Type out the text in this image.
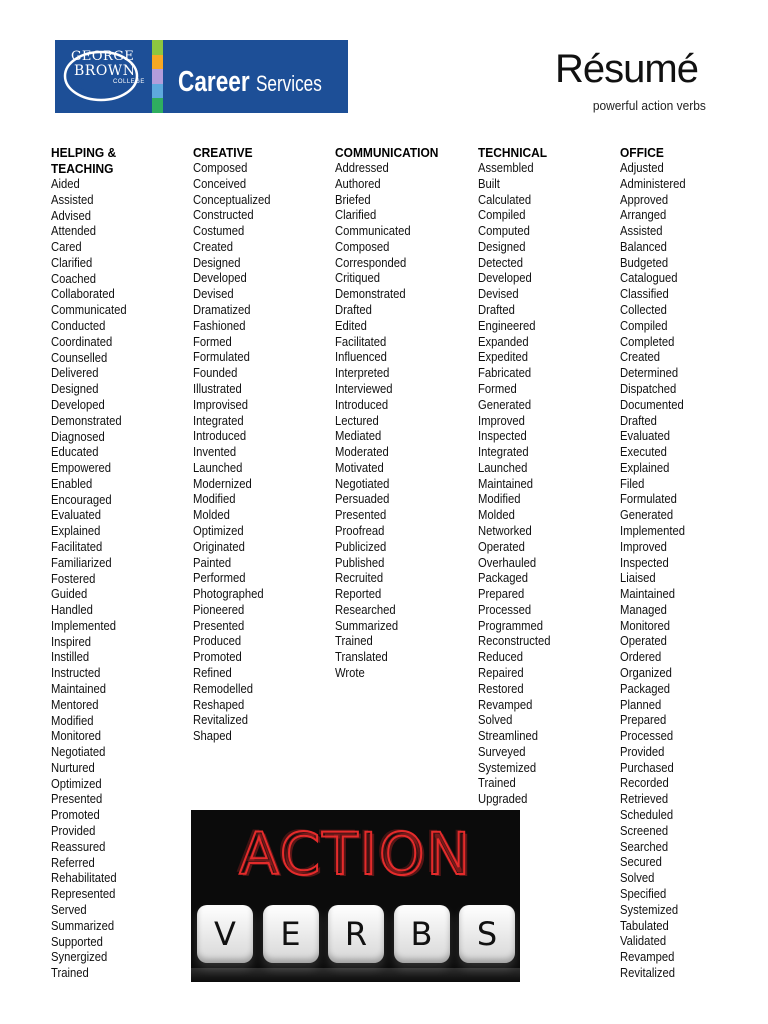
GEORGE
BROWN
COLLEGE Career Services	Résumé
powerful action verbs
HELPING &
TEACHING
Aided
Assisted
Advised
Attended
Cared
Clarified
Coached
Collaborated
Communicated
Conducted
Coordinated
Counselled
Delivered
Designed
Developed
Demonstrated
Diagnosed
Educated
Empowered
Enabled
Encouraged
Evaluated
Explained
Facilitated
Familiarized
Fostered
Guided
Handled
Implemented
Inspired
Instilled
Instructed
Maintained
Mentored
Modified
Monitored
Negotiated
Nurtured
Optimized
Presented
Promoted
Provided
Reassured
Referred
Rehabilitated
Represented
Served
Summarized
Supported
Synergized
Trained
CREATIVE
Composed
Conceived
Conceptualized
Constructed
Costumed
Created
Designed
Developed
Devised
Dramatized
Fashioned
Formed
Formulated
Founded
Illustrated
Improvised
Integrated
Introduced
Invented
Launched
Modernized
Modified
Molded
Optimized
Originated
Painted
Performed
Photographed
Pioneered
Presented
Produced
Promoted
Refined
Remodelled
Reshaped
Revitalized
Shaped
COMMUNICATION
Addressed
Authored
Briefed
Clarified
Communicated
Composed
Corresponded
Critiqued
Demonstrated
Drafted
Edited
Facilitated
Influenced
Interpreted
Interviewed
Introduced
Lectured
Mediated
Moderated
Motivated
Negotiated
Persuaded
Presented
Proofread
Publicized
Published
Recruited
Reported
Researched
Summarized
Trained
Translated
Wrote
TECHNICAL
Assembled
Built
Calculated
Compiled
Computed
Designed
Detected
Developed
Devised
Drafted
Engineered
Expanded
Expedited
Fabricated
Formed
Generated
Improved
Inspected
Integrated
Launched
Maintained
Modified
Molded
Networked
Operated
Overhauled
Packaged
Prepared
Processed
Programmed
Reconstructed
Reduced
Repaired
Restored
Revamped
Solved
Streamlined
Surveyed
Systemized
Trained
Upgraded
OFFICE
Adjusted
Administered
Approved
Arranged
Assisted
Balanced
Budgeted
Catalogued
Classified
Collected
Compiled
Completed
Created
Determined
Dispatched
Documented
Drafted
Evaluated
Executed
Explained
Filed
Formulated
Generated
Implemented
Improved
Inspected
Liaised
Maintained
Managed
Monitored
Operated
Ordered
Organized
Packaged
Planned
Prepared
Processed
Provided
Purchased
Recorded
Retrieved
Scheduled
Screened
Searched
Secured
Solved
Specified
Systemized
Tabulated
Validated
Revamped
Revitalized
ACTION
V	E	R	B	S
